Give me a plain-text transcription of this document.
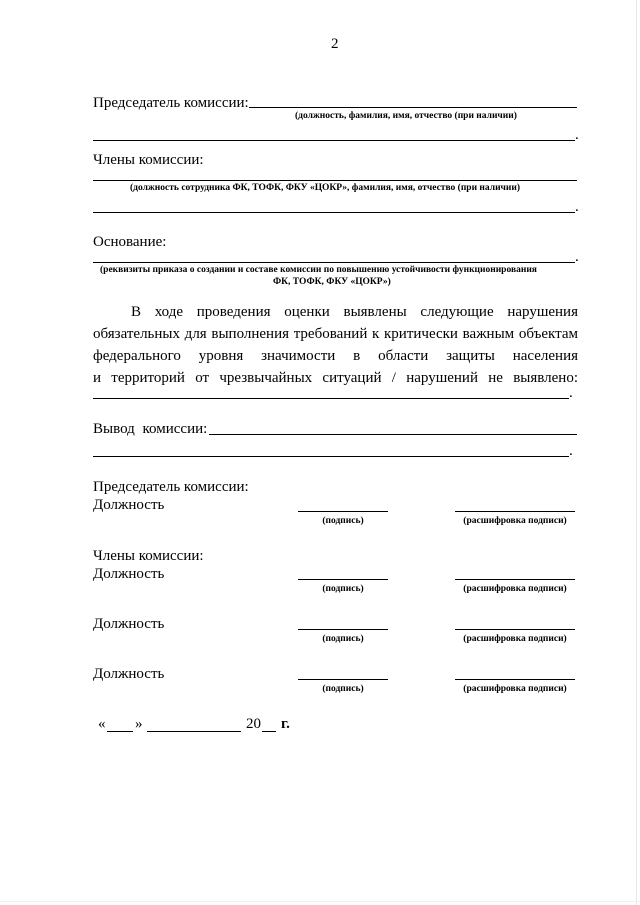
2
Председатель комиссии:
(должность, фамилия, имя, отчество (при наличии)
.
Члены комиссии:
(должность сотрудника ФК, ТОФК, ФКУ «ЦОКР», фамилия, имя, отчество (при наличии)
.
Основание:
.
(реквизиты приказа о создании и составе комиссии по повышению устойчивости функционирования
ФК, ТОФК, ФКУ «ЦОКР»)
В ходе проведения оценки выявлены следующие нарушения
обязательных для выполнения требований к критически важным объектам
федерального уровня значимости в области защиты населения
и территорий от чрезвычайных ситуаций / нарушений не выявлено:
.
Вывод комиссии:
.
Председатель комиссии:
Должность
(подпись)	(расшифровка подписи)
Члены комиссии:
Должность
(подпись)	(расшифровка подписи)
Должность
(подпись)	(расшифровка подписи)
Должность
(подпись)	(расшифровка подписи)
« »	20 г.
